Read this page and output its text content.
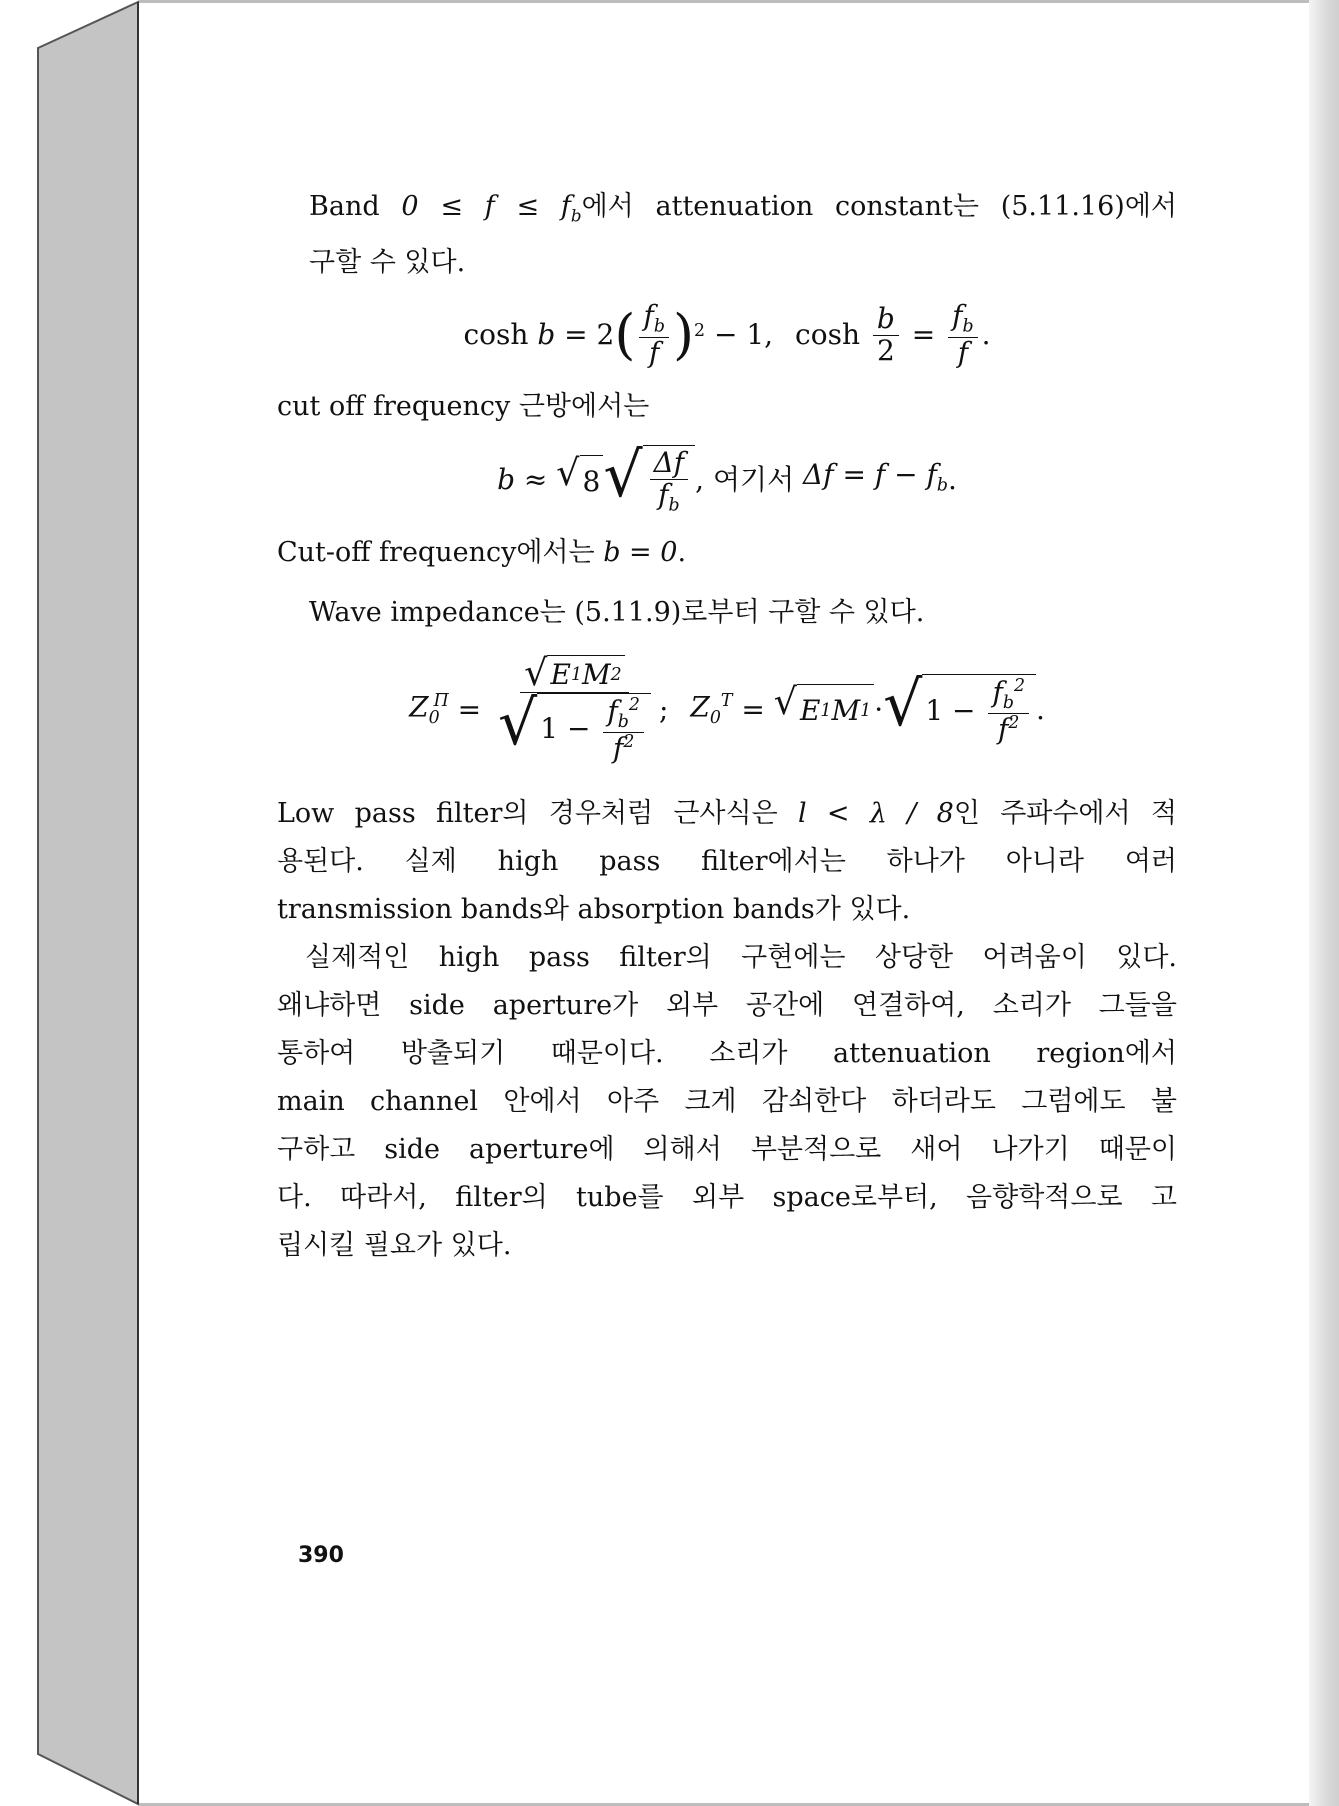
Band $0 \le f \le f_b$에서 attenuation constant는 (5.11.16)에서
구할 수 있다.

cosh
b
= 2 ( $\frac{f_b}{f}$ ) 2
− 1, cosh
$\frac{b}{2}$
=
$\frac{f_b}{f}$ .

cut off frequency 근방에서는

b
≈
√ 8 √ $\frac{\Delta f}{f_b}$ ,
여기서
$\Delta f = f - f_b$ .

Cut-off frequency에서는 b = 0.

Wave impedance는 (5.11.9)로부터 구할 수 있다.

$Z_0^\Pi$
=
√ E 1 M 2
√ 1 −
$\frac{f_b^2}{f^2}$ ; $Z_0^T$
=
√ E 1 M 1 · √ 1 −
$\frac{f_b^2}{f^2}$ .

Low pass filter의 경우처럼 근사식은 l < λ / 8인 주파수에서 적
용된다. 실제 high pass filter에서는 하나가 아니라 여러
transmission bands와 absorption bands가 있다.

실제적인 high pass filter의 구현에는 상당한 어려움이 있다.
왜냐하면 side aperture가 외부 공간에 연결하여, 소리가 그들을
통하여 방출되기 때문이다. 소리가 attenuation region에서
main channel 안에서 아주 크게 감쇠한다 하더라도 그럼에도 불
구하고 side aperture에 의해서 부분적으로 새어 나가기 때문이
다. 따라서, filter의 tube를 외부 space로부터, 음향학적으로 고
립시킬 필요가 있다.

390
